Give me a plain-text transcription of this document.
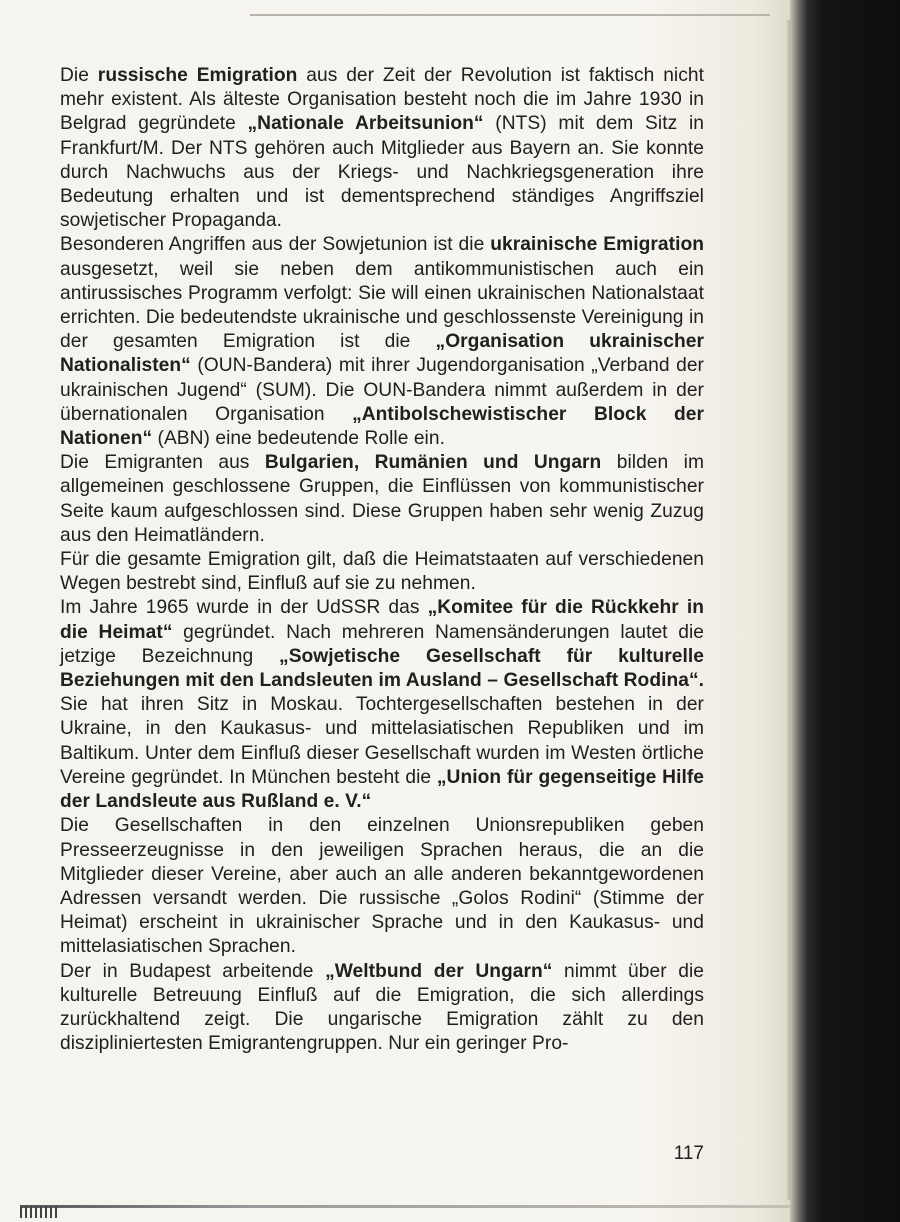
Die russische Emigration aus der Zeit der Revolution ist faktisch nicht mehr existent. Als älteste Organisation besteht noch die im Jahre 1930 in Belgrad gegründete „Nationale Arbeitsunion“ (NTS) mit dem Sitz in Frankfurt/M. Der NTS gehören auch Mitglieder aus Bayern an. Sie konnte durch Nachwuchs aus der Kriegs- und Nachkriegsgeneration ihre Bedeutung erhalten und ist dementsprechend ständiges Angriffsziel sowjetischer Propaganda.

Besonderen Angriffen aus der Sowjetunion ist die ukrainische Emigration ausgesetzt, weil sie neben dem antikommunistischen auch ein antirussisches Programm verfolgt: Sie will einen ukrainischen Nationalstaat errichten. Die bedeutendste ukrainische und geschlossenste Vereinigung in der gesamten Emigration ist die „Organisation ukrainischer Nationalisten“ (OUN-Bandera) mit ihrer Jugendorganisation „Verband der ukrainischen Jugend“ (SUM). Die OUN-Bandera nimmt außerdem in der übernationalen Organisation „Antibolschewistischer Block der Nationen“ (ABN) eine bedeutende Rolle ein.

Die Emigranten aus Bulgarien, Rumänien und Ungarn bilden im allgemeinen geschlossene Gruppen, die Einflüssen von kommunistischer Seite kaum aufgeschlossen sind. Diese Gruppen haben sehr wenig Zuzug aus den Heimatländern.

Für die gesamte Emigration gilt, daß die Heimatstaaten auf verschiedenen Wegen bestrebt sind, Einfluß auf sie zu nehmen.

Im Jahre 1965 wurde in der UdSSR das „Komitee für die Rückkehr in die Heimat“ gegründet. Nach mehreren Namensänderungen lautet die jetzige Bezeichnung „Sowjetische Gesellschaft für kulturelle Beziehungen mit den Landsleuten im Ausland – Gesellschaft Rodina“. Sie hat ihren Sitz in Moskau. Tochtergesellschaften bestehen in der Ukraine, in den Kaukasus- und mittelasiatischen Republiken und im Baltikum. Unter dem Einfluß dieser Gesellschaft wurden im Westen örtliche Vereine gegründet. In München besteht die „Union für gegenseitige Hilfe der Landsleute aus Rußland e. V.“

Die Gesellschaften in den einzelnen Unionsrepubliken geben Presseerzeugnisse in den jeweiligen Sprachen heraus, die an die Mitglieder dieser Vereine, aber auch an alle anderen bekanntgewordenen Adressen versandt werden. Die russische „Golos Rodini“ (Stimme der Heimat) erscheint in ukrainischer Sprache und in den Kaukasus- und mittelasiatischen Sprachen.

Der in Budapest arbeitende „Weltbund der Ungarn“ nimmt über die kulturelle Betreuung Einfluß auf die Emigration, die sich allerdings zurückhaltend zeigt. Die ungarische Emigration zählt zu den diszipliniertesten Emigrantengruppen. Nur ein geringer Pro-

117
